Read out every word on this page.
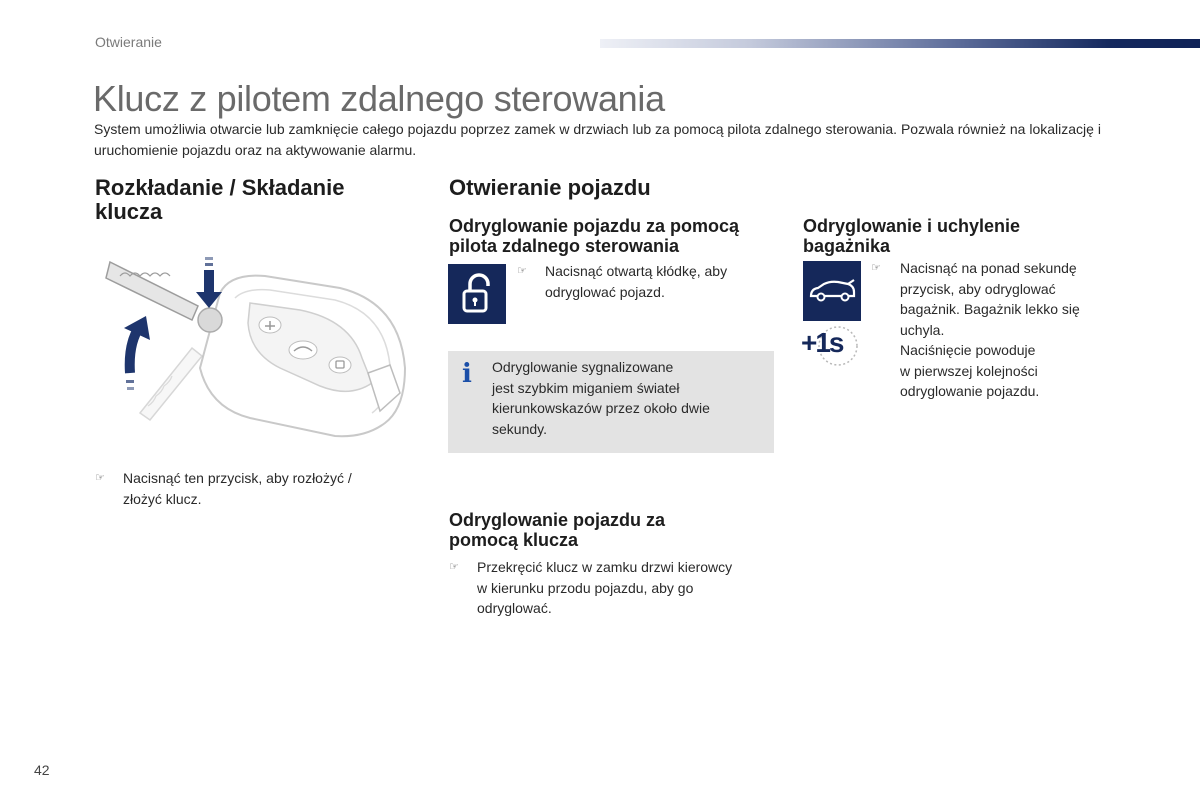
Otwieranie
Klucz z pilotem zdalnego sterowania
System umożliwia otwarcie lub zamknięcie całego pojazdu poprzez zamek w drzwiach lub za pomocą pilota zdalnego sterowania. Pozwala również na lokalizację i uruchomienie pojazdu oraz na aktywowanie alarmu.
Rozkładanie / Składanie
klucza
☞ Nacisnąć ten przycisk, aby rozłożyć /
złożyć klucz.
Otwieranie pojazdu
Odryglowanie pojazdu za pomocą
pilota zdalnego sterowania
☞ Nacisnąć otwartą kłódkę, aby
odryglować pojazd.
i Odryglowanie sygnalizowane
jest szybkim miganiem świateł
kierunkowskazów przez około dwie
sekundy.
Odryglowanie pojazdu za
pomocą klucza
☞ Przekręcić klucz w zamku drzwi kierowcy
w kierunku przodu pojazdu, aby go
odryglować.
Odryglowanie i uchylenie
bagażnika
+1s
☞ Nacisnąć na ponad sekundę
przycisk, aby odryglować
bagażnik. Bagażnik lekko się
uchyla.
Naciśnięcie powoduje
w pierwszej kolejności
odryglowanie pojazdu.
42
